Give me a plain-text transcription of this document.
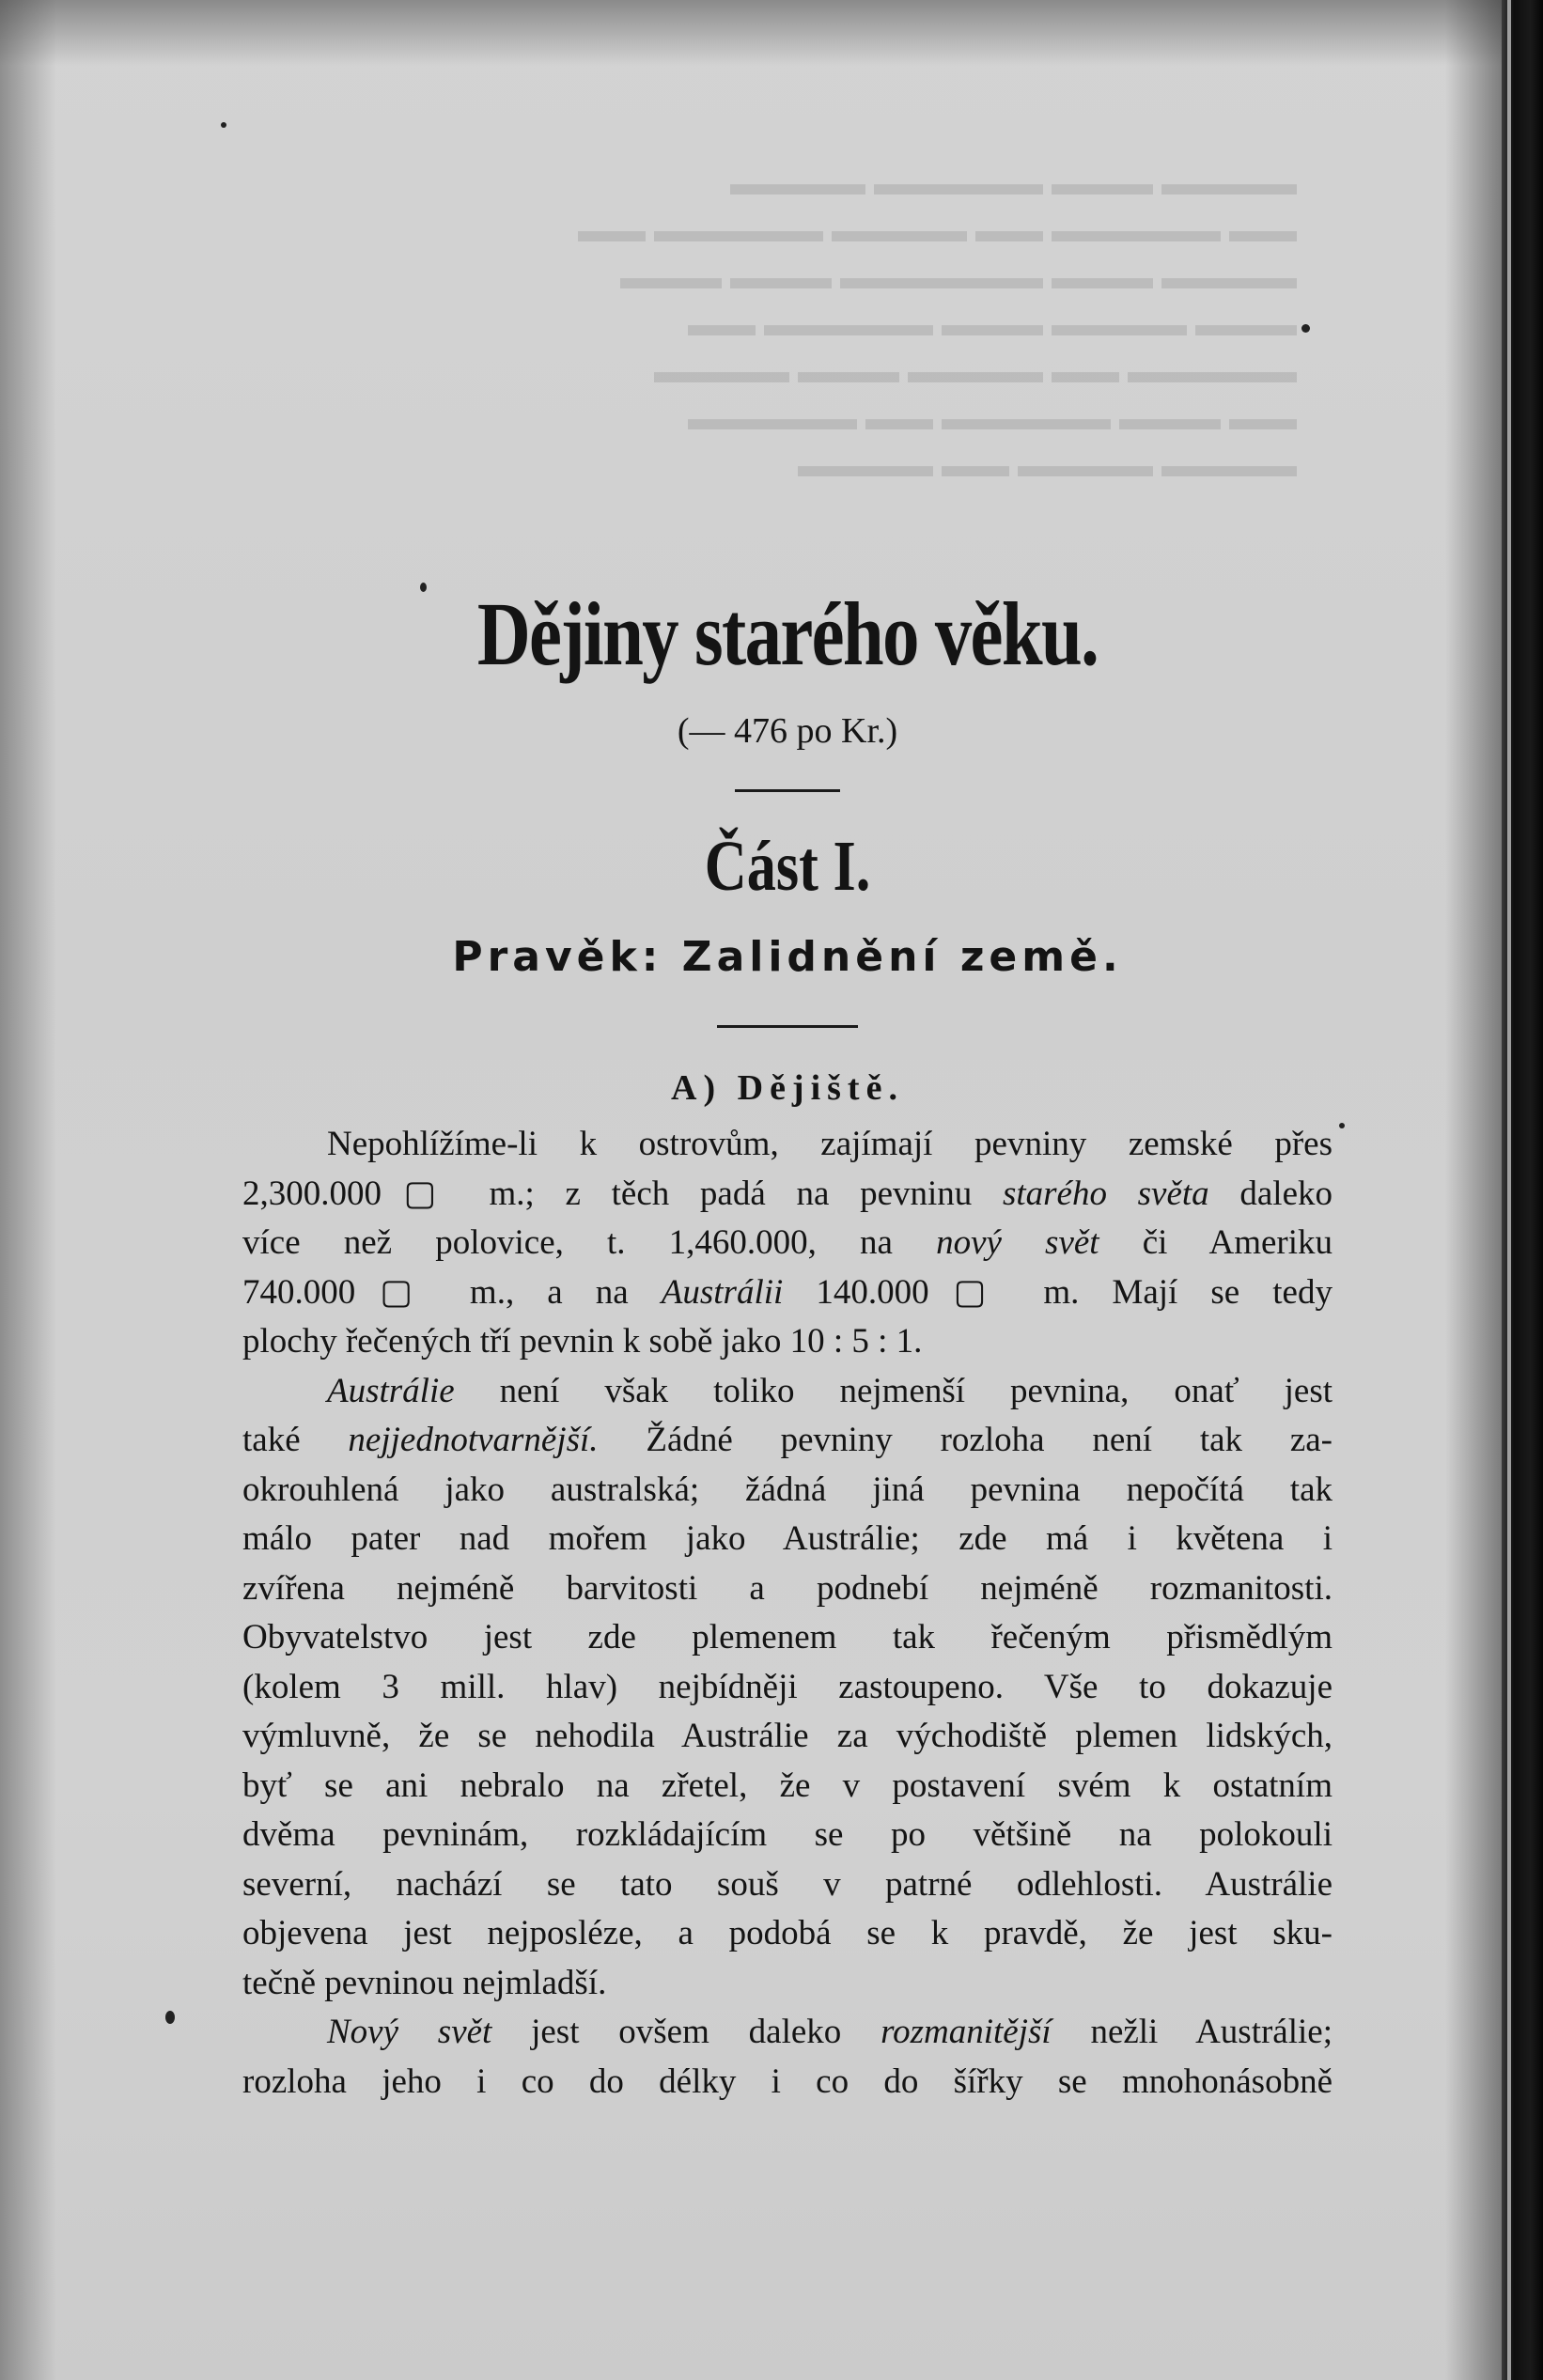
▬▬▬▬ ▬▬▬ ▬▬▬▬▬ ▬▬▬▬
▬▬ ▬▬▬▬▬ ▬▬ ▬▬▬▬ ▬▬▬▬▬ ▬▬
▬▬▬▬ ▬▬▬ ▬▬▬▬▬▬ ▬▬▬ ▬▬▬
▬▬▬ ▬▬▬▬ ▬▬▬ ▬▬▬▬▬ ▬▬
▬▬▬▬▬ ▬▬ ▬▬▬▬ ▬▬▬ ▬▬▬▬
▬▬ ▬▬▬ ▬▬▬▬▬ ▬▬ ▬▬▬▬▬
▬▬▬▬ ▬▬▬▬ ▬▬ ▬▬▬▬

Dějiny starého věku.
(— 476 po Kr.)
Část I.
Pravěk: Zalidnění země.
A) Dějiště.
Nepohlížíme-li k ostrovům, zajímají pevniny zemské přes
2,300.000▢ m.; z těch padá na pevninu starého světa daleko
více než polovice, t. 1,460.000, na nový svět či Ameriku
740.000▢ m., a na Austrálii 140.000▢ m. Mají se tedy
plochy řečených tří pevnin k sobě jako 10 : 5 : 1.
Austrálie není však toliko nejmenší pevnina, onať jest
také nejjednotvarnější. Žádné pevniny rozloha není tak za-
okrouhlená jako australská; žádná jiná pevnina nepočítá tak
málo pater nad mořem jako Austrálie; zde má i květena i
zvířena nejméně barvitosti a podnebí nejméně rozmanitosti.
Obyvatelstvo jest zde plemenem tak řečeným přismědlým
(kolem 3 mill. hlav) nejbídněji zastoupeno. Vše to dokazuje
výmluvně, že se nehodila Austrálie za východiště plemen lidských,
byť se ani nebralo na zřetel, že v postavení svém k ostatním
dvěma pevninám, rozkládajícím se po většině na polokouli
severní, nachází se tato souš v patrné odlehlosti. Austrálie
objevena jest nejposléze, a podobá se k pravdě, že jest sku-
tečně pevninou nejmladší.
Nový svět jest ovšem daleko rozmanitější nežli Austrálie;
rozloha jeho i co do délky i co do šířky se mnohonásobně
